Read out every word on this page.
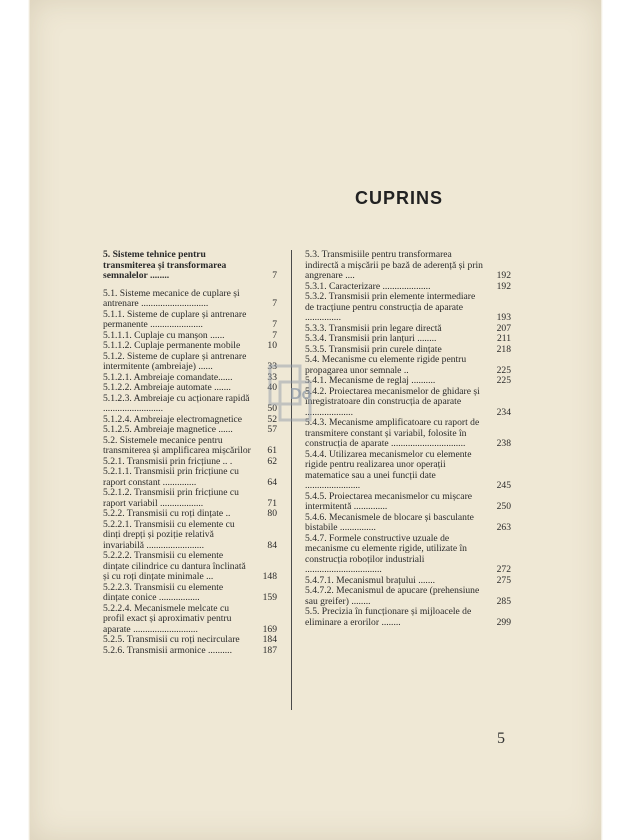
CUPRINS
5. Sisteme tehnice pentru transmiterea și transformarea semnalelor ........	7
5.1. Sisteme mecanice de cuplare și antrenare ............................	7
5.1.1. Sisteme de cuplare și antrenare permanente ......................	7
5.1.1.1. Cuplaje cu manșon ......	7
5.1.1.2. Cuplaje permanente mobile	10
5.1.2. Sisteme de cuplare și antrenare intermitente (ambreiaje) ......	33
5.1.2.1. Ambreiaje comandate......	33
5.1.2.2. Ambreiaje automate .......	40
5.1.2.3. Ambreiaje cu acționare rapidă .........................	50
5.1.2.4. Ambreiaje electromagnetice	52
5.1.2.5. Ambreiaje magnetice ......	57
5.2. Sistemele mecanice pentru transmiterea și amplificarea mișcărilor	61
5.2.1. Transmisii prin fricțiune .. .	62
5.2.1.1. Transmisii prin fricțiune cu raport constant ..............	64
5.2.1.2. Transmisii prin fricțiune cu raport variabil ..................	71
5.2.2. Transmisii cu roți dințate ..	80
5.2.2.1. Transmisii cu elemente cu dinți drepți și poziție relativă invariabilă ........................	84
5.2.2.2. Transmisii cu elemente dințate cilindrice cu dantura înclinată și cu roți dințate minimale ...	148
5.2.2.3. Transmisii cu elemente dințate conice .................	159
5.2.2.4. Mecanismele melcate cu profil exact și aproximativ pentru aparate ...........................	169
5.2.5. Transmisii cu roți necirculare	184
5.2.6. Transmisii armonice ..........	187
5.3. Transmisiile pentru transformarea indirectă a mișcării pe bază de aderență și prin angrenare ....	192
5.3.1. Caracterizare ....................	192
5.3.2. Transmisii prin elemente intermediare de tracțiune pentru construcția de aparate ...............	193
5.3.3. Transmisii prin legare directă	207
5.3.4. Transmisii prin lanțuri ........	211
5.3.5. Transmisii prin curele dințate	218
5.4. Mecanisme cu elemente rigide pentru propagarea unor semnale ..	225
5.4.1. Mecanisme de reglaj ..........	225
5.4.2. Proiectarea mecanismelor de ghidare și înregistratoare din construcția de aparate ....................	234
5.4.3. Mecanisme amplificatoare cu raport de transmitere constant și variabil, folosite în construcția de aparate ...............................	238
5.4.4. Utilizarea mecanismelor cu elemente rigide pentru realizarea unor operații matematice sau a unei funcții date .......................	245
5.4.5. Proiectarea mecanismelor cu mișcare intermitentă ..............	250
5.4.6. Mecanismele de blocare și basculante bistabile ...............	263
5.4.7. Formele constructive uzuale de mecanisme cu elemente rigide, utilizate în construcția roboților industriali ................................	272
5.4.7.1. Mecanismul brațului .......	275
5.4.7.2. Mecanismul de apucare (prehensiune sau greifer) ........	285
5.5. Precizia în funcționare și mijloacele de eliminare a erorilor ........	299
Do
5
